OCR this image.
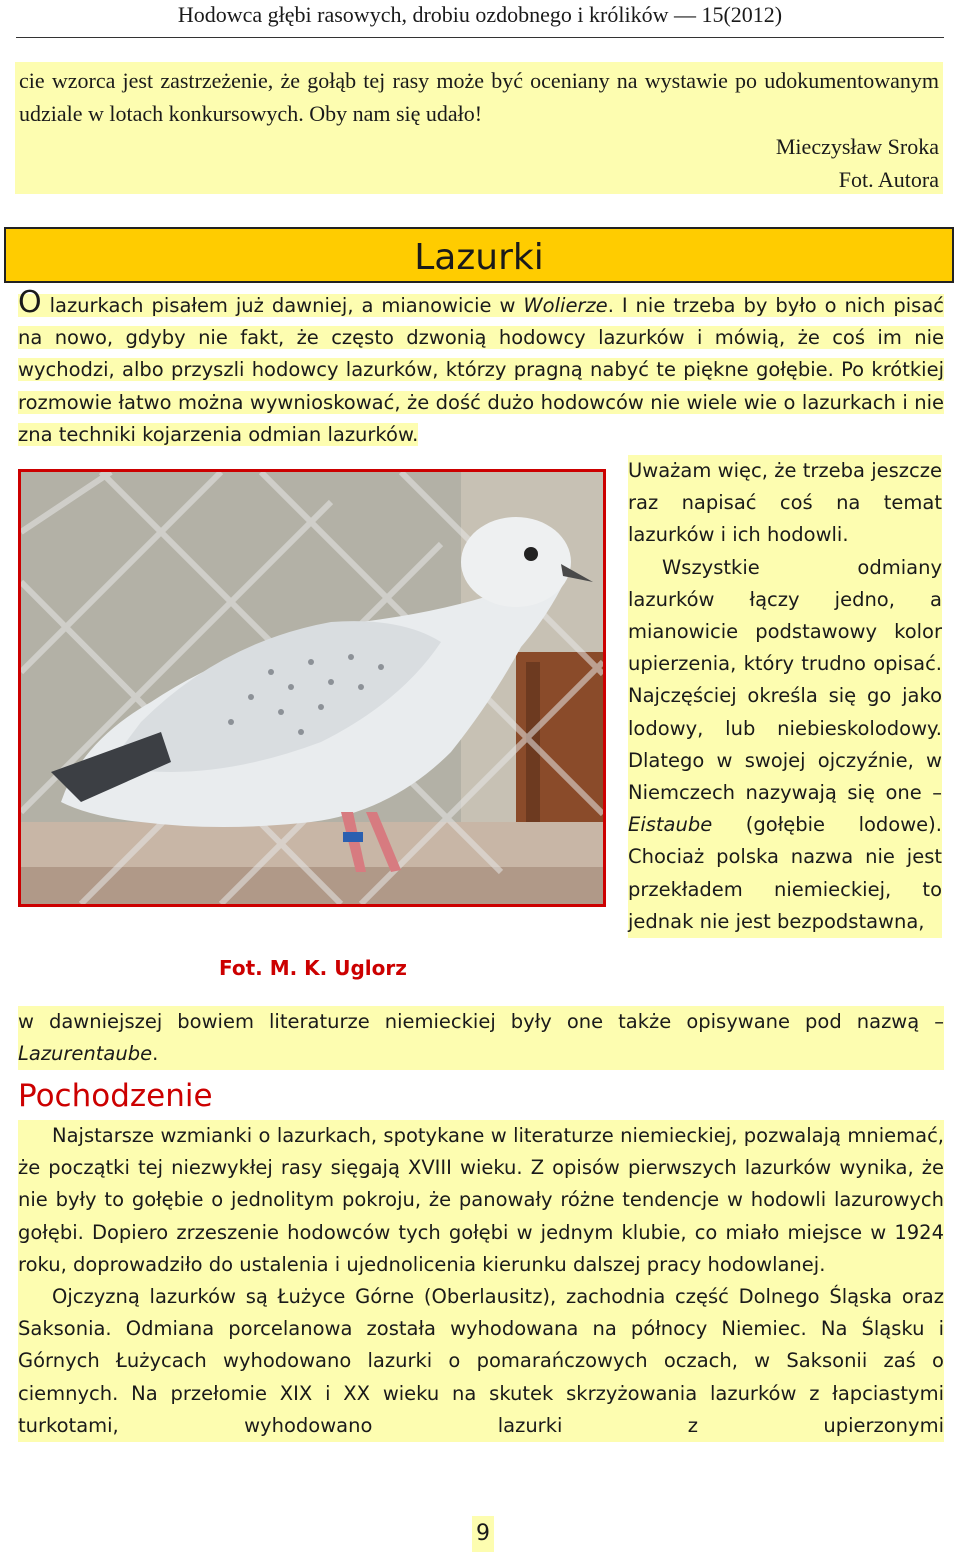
Hodowca głębi rasowych, drobiu ozdobnego i królików — 15(2012)

cie wzorca jest zastrzeżenie, że gołąb tej rasy może być oceniany na wystawie po udokumentowanym udziale w lotach konkursowych. Oby nam się udało!

Mieczysław Sroka

Fot. Autora

Lazurki

O lazurkach pisałem już dawniej, a mianowicie w Wolierze. I nie trzeba by było o nich pisać na nowo, gdyby nie fakt, że często dzwonią hodowcy lazurków i mówią, że coś im nie wychodzi, albo przyszli hodowcy lazurków, którzy pragną nabyć te piękne gołębie. Po krótkiej rozmowie łatwo można wywnioskować, że dość dużo hodowców nie wiele wie o lazurkach i nie zna techniki kojarzenia odmian lazurków.

Fot. M. K. Uglorz

Uważam więc, że trzeba jeszcze raz napisać coś na temat lazurków i ich hodowli.

Wszystkie odmiany lazurków łączy jedno, a mianowicie podstawowy kolor upierzenia, który trudno opisać. Najczęściej określa się go jako lodowy, lub niebieskolodowy. Dlatego w swojej ojczyźnie, w Niemczech nazywają się one – Eistaube (gołębie lodowe). Chociaż polska nazwa nie jest przekładem niemieckiej, to jednak nie jest bezpodstawna,

w dawniejszej bowiem literaturze niemieckiej były one także opisywane pod nazwą – Lazurentaube.

Pochodzenie

Najstarsze wzmianki o lazurkach, spotykane w literaturze niemieckiej, pozwalają mniemać, że początki tej niezwykłej rasy sięgają XVIII wieku. Z opisów pierwszych lazurków wynika, że nie były to gołębie o jednolitym pokroju, że panowały różne tendencje w hodowli lazurowych gołębi. Dopiero zrzeszenie hodowców tych gołębi w jednym klubie, co miało miejsce w 1924 roku, doprowadziło do ustalenia i ujednolicenia kierunku dalszej pracy hodowlanej.

Ojczyzną lazurków są Łużyce Górne (Oberlausitz), zachodnia część Dolnego Śląska oraz Saksonia. Odmiana porcelanowa została wyhodowana na północy Niemiec. Na Śląsku i Górnych Łużycach wyhodowano lazurki o pomarańczowych oczach, w Saksonii zaś o ciemnych. Na przełomie XIX i XX wieku na skutek skrzyżowania lazurków z łapciastymi turkotami, wyhodowano lazurki z upierzonymi

9
